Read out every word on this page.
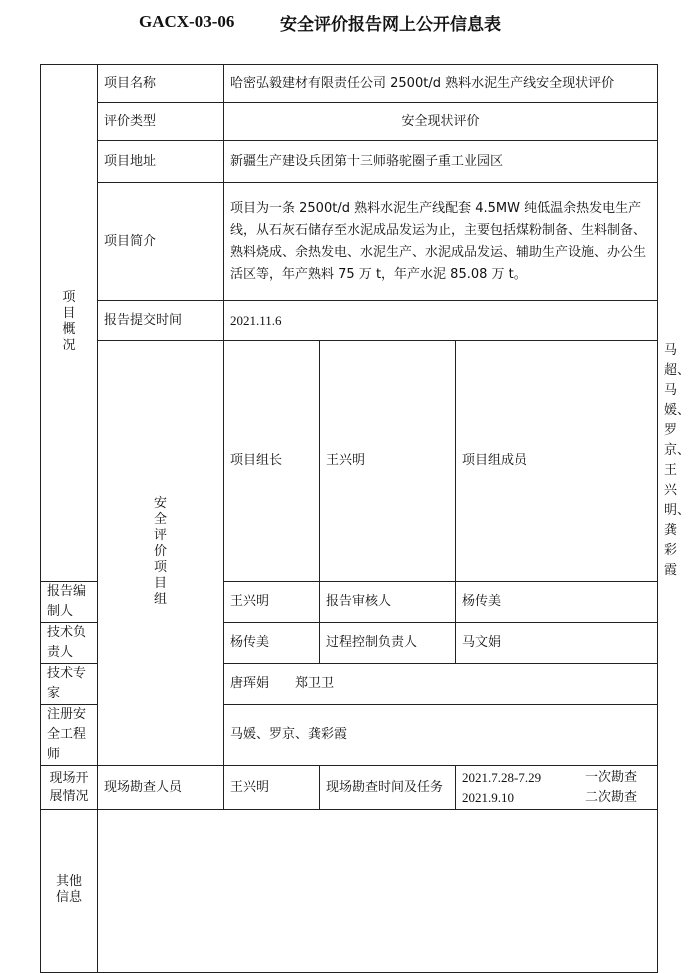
GACX-03-06	安全评价报告网上公开信息表
项目概况	项目名称	哈密弘毅建材有限责任公司 2500t/d 熟料水泥生产线安全现状评价			
	评价类型	安全现状评价			
	项目地址	新疆生产建设兵团第十三师骆驼圈子重工业园区			
	项目简介	项目为一条 2500t/d 熟料水泥生产线配套 4.5MW 纯低温余热发电生产线，从石灰石储存至水泥成品发运为止，主要包括煤粉制备、生料制备、熟料烧成、余热发电、水泥生产、水泥成品发运、辅助生产设施、办公生活区等，年产熟料 75 万 t，年产水泥 85.08 万 t。			
	报告提交时间	2021.11.6			
	安全评价项目组	项目组长	王兴明	项目组成员	马超、马媛、罗京、王兴明、龚彩霞
报告编制人		王兴明	报告审核人	杨传美	
技术负责人		杨传美	过程控制负责人	马文娟	
技术专家		唐珲娟 郑卫卫			
注册安全工程师		马媛、罗京、龚彩霞			
现场开展情况	现场勘查人员	王兴明	现场勘查时间及任务	2021.7.28-7.29 一次勘查
2021.9.10 二次勘查	

其他信息					
